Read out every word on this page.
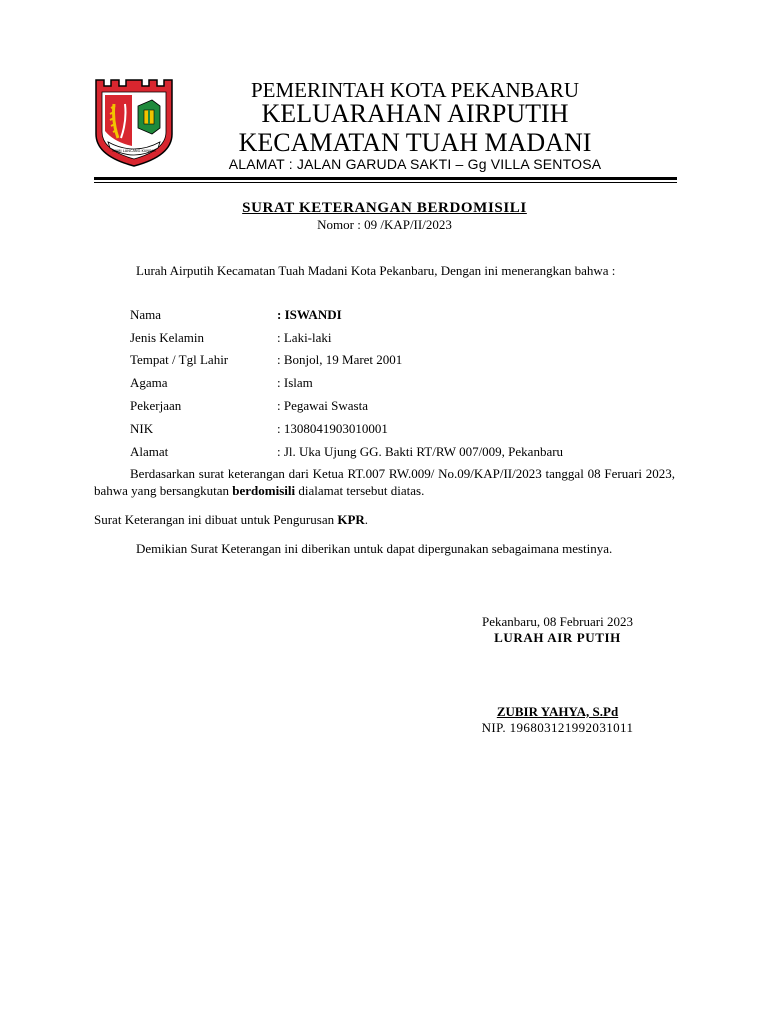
BUMI LANCANG KUNING
PEMERINTAH KOTA PEKANBARU
KELUARAHAN AIRPUTIH
KECAMATAN TUAH MADANI
ALAMAT : JALAN GARUDA SAKTI – Gg VILLA SENTOSA
SURAT KETERANGAN BERDOMISILI
Nomor : 09 /KAP/II/2023
Lurah Airputih Kecamatan Tuah Madani Kota Pekanbaru, Dengan ini menerangkan bahwa :
Nama	: ISWANDI
Jenis Kelamin	: Laki-laki
Tempat / Tgl Lahir	: Bonjol, 19 Maret 2001
Agama	: Islam
Pekerjaan	: Pegawai Swasta
NIK	: 1308041903010001
Alamat	: Jl. Uka Ujung GG. Bakti RT/RW 007/009, Pekanbaru
Berdasarkan surat keterangan dari Ketua RT.007 RW.009/ No.09/KAP/II/2023 tanggal 08 Feruari 2023, bahwa yang bersangkutan berdomisili dialamat tersebut diatas.
Surat Keterangan ini dibuat untuk Pengurusan KPR.
Demikian Surat Keterangan ini diberikan untuk dapat dipergunakan sebagaimana mestinya.
Pekanbaru, 08 Februari 2023
LURAH AIR PUTIH
ZUBIR YAHYA, S.Pd
NIP. 196803121992031011
